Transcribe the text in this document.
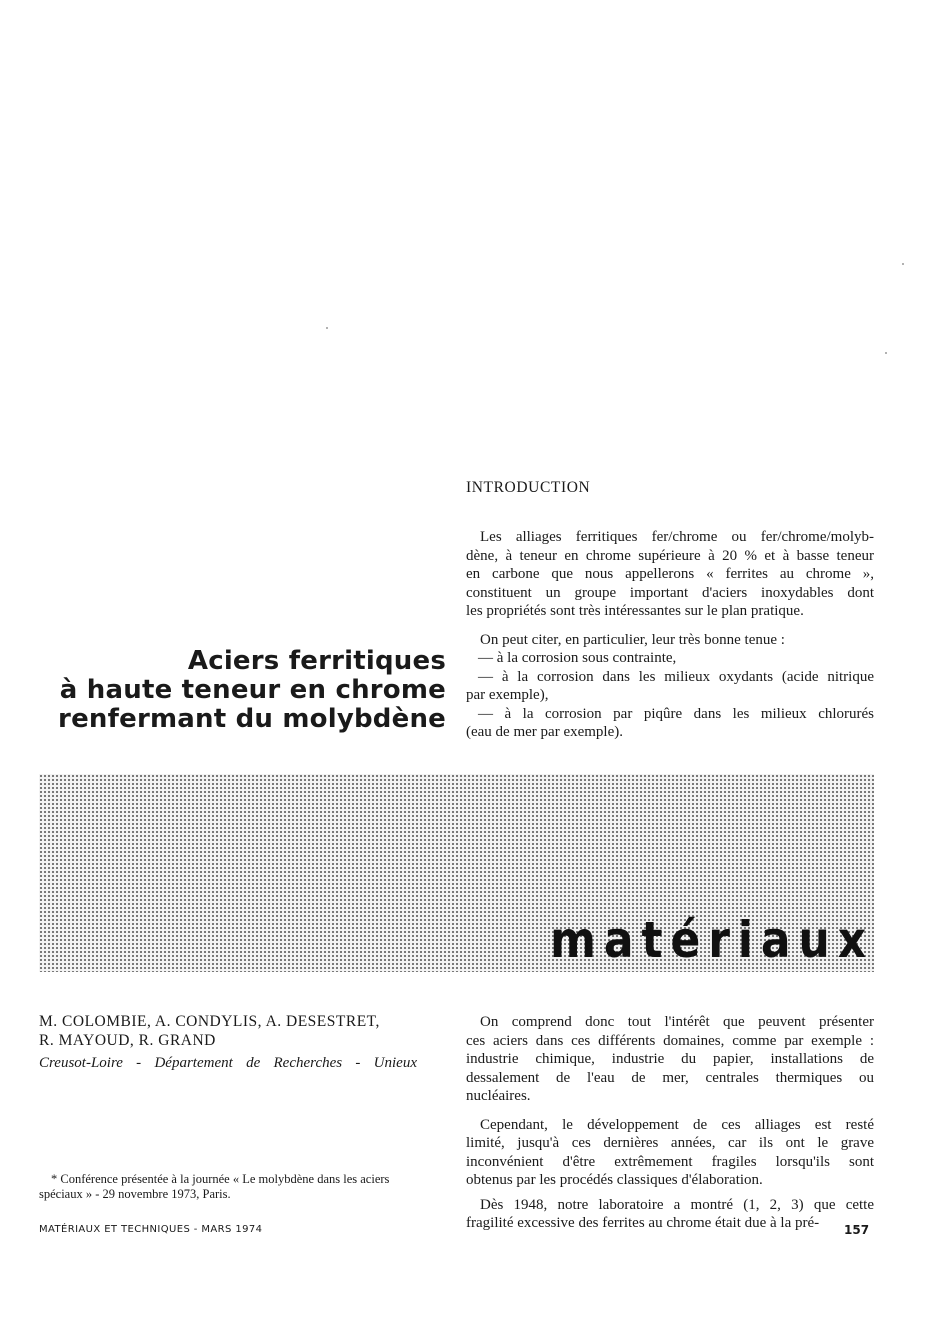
INTRODUCTION
Les alliages ferritiques fer/chrome ou fer/chrome/molyb-
dène, à teneur en chrome supérieure à 20 % et à basse teneur
en carbone que nous appellerons « ferrites au chrome »,
constituent un groupe important d'aciers inoxydables dont
les propriétés sont très intéressantes sur le plan pratique.
On peut citer, en particulier, leur très bonne tenue :
— à la corrosion sous contrainte,
— à la corrosion dans les milieux oxydants (acide nitrique
par exemple),
— à la corrosion par piqûre dans les milieux chlorurés
(eau de mer par exemple).
Aciers ferritiques
à haute teneur en chrome
renfermant du molybdène
matériaux
M. COLOMBIE, A. CONDYLIS, A. DESESTRET,
R. MAYOUD, R. GRAND
Creusot-Loire - Département de Recherches - Unieux
* Conférence présentée à la journée « Le molybdène dans les aciers
spéciaux » - 29 novembre 1973, Paris.
On comprend donc tout l'intérêt que peuvent présenter
ces aciers dans ces différents domaines, comme par exemple :
industrie chimique, industrie du papier, installations de
dessalement de l'eau de mer, centrales thermiques ou
nucléaires.
Cependant, le développement de ces alliages est resté
limité, jusqu'à ces dernières années, car ils ont le grave
inconvénient d'être extrêmement fragiles lorsqu'ils sont
obtenus par les procédés classiques d'élaboration.
Dès 1948, notre laboratoire a montré (1, 2, 3) que cette
fragilité excessive des ferrites au chrome était due à la pré-
MATÉRIAUX ET TECHNIQUES - MARS 1974	157
